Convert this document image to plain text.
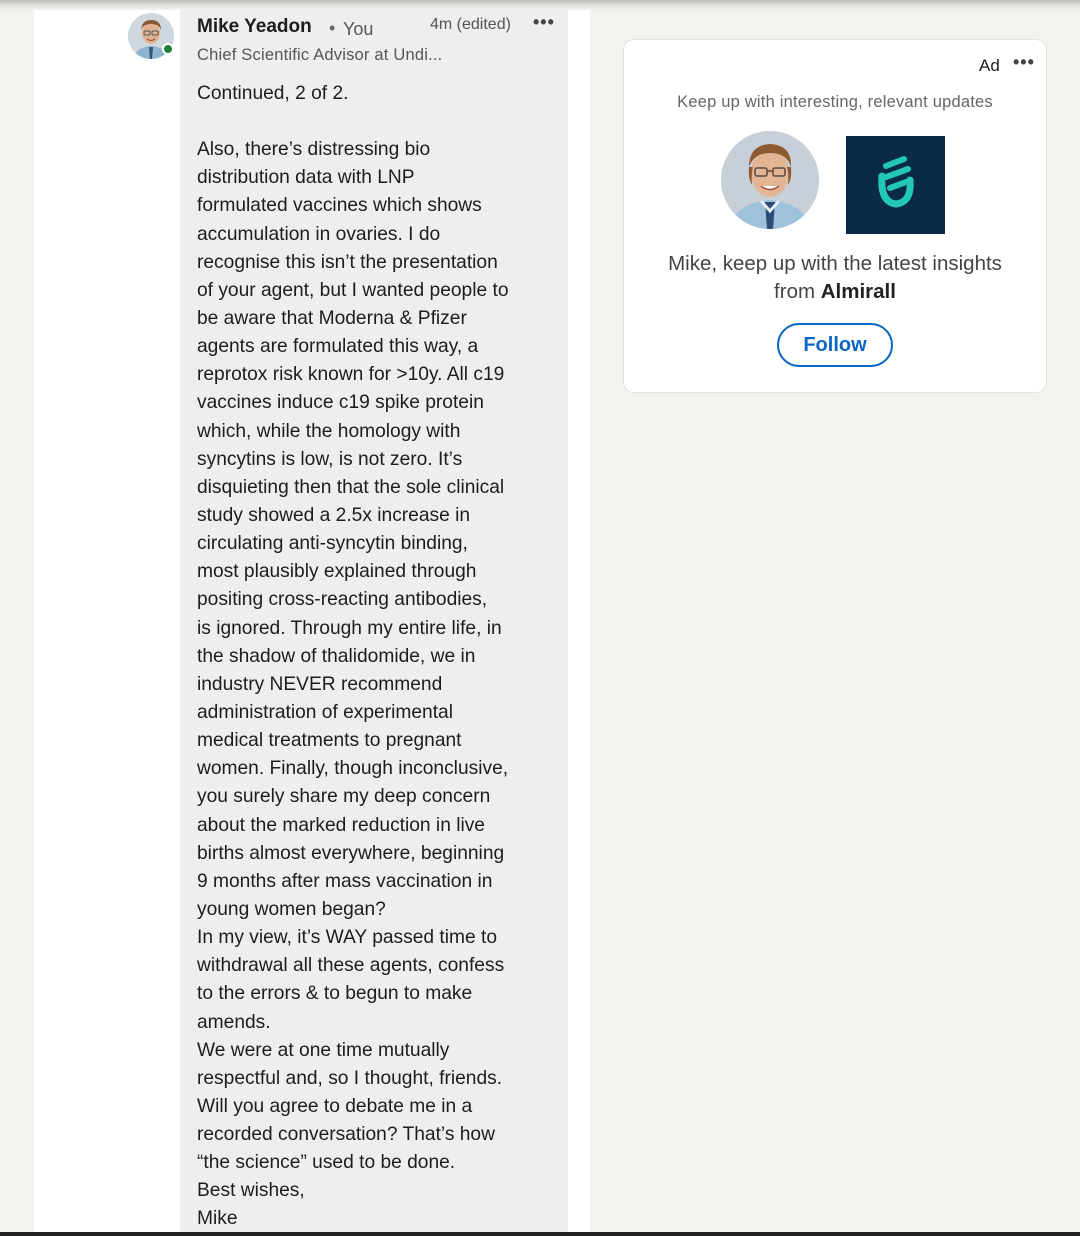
Mike Yeadon • You
Chief Scientific Advisor at Undi...
4m (edited) •••
Continued, 2 of 2.
Also, there’s distressing bio
distribution data with LNP
formulated vaccines which shows
accumulation in ovaries. I do
recognise this isn’t the presentation
of your agent, but I wanted people to
be aware that Moderna & Pfizer
agents are formulated this way, a
reprotox risk known for >10y. All c19
vaccines induce c19 spike protein
which, while the homology with
syncytins is low, is not zero. It’s
disquieting then that the sole clinical
study showed a 2.5x increase in
circulating anti-syncytin binding,
most plausibly explained through
positing cross-reacting antibodies,
is ignored. Through my entire life, in
the shadow of thalidomide, we in
industry NEVER recommend
administration of experimental
medical treatments to pregnant
women. Finally, though inconclusive,
you surely share my deep concern
about the marked reduction in live
births almost everywhere, beginning
9 months after mass vaccination in
young women began?
In my view, it’s WAY passed time to
withdrawal all these agents, confess
to the errors & to begun to make
amends.
We were at one time mutually
respectful and, so I thought, friends.
Will you agree to debate me in a
recorded conversation? That’s how
“the science” used to be done.
Best wishes,
Mike
Ad •••
Keep up with interesting, relevant updates
Mike, keep up with the latest insights
from Almirall
Follow
